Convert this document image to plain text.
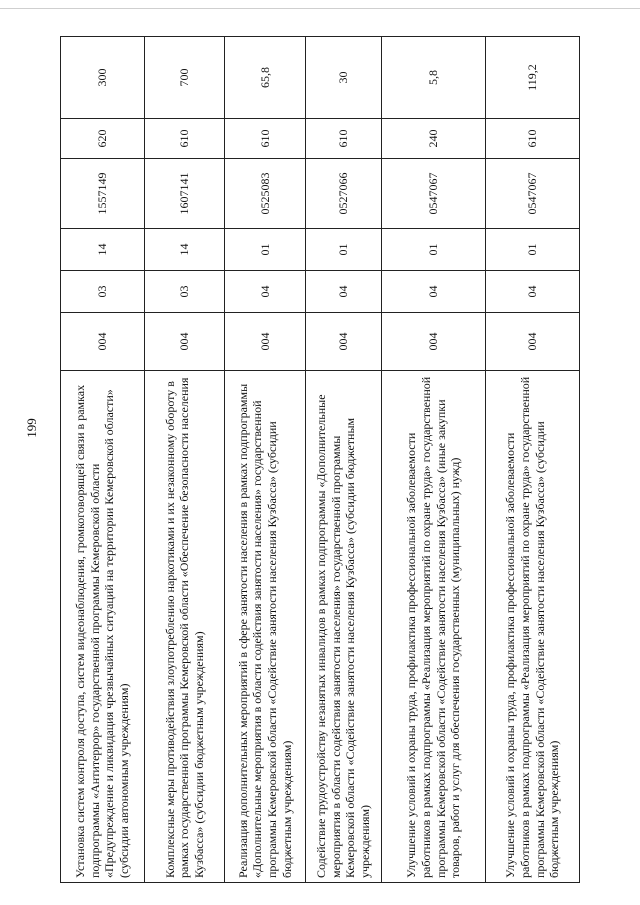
199	Установка систем контроля доступа, систем видеонаблюдения, громкоговорящей связи в рамках подпрограммы «Антитеррор» государственной программы Кемеровской области «Предупреждение и ликвидация чрезвычайных ситуаций на территории Кемеровской области» (субсидии автономным учреждениям)	004	03	14	1557149	620	300
Комплексные меры противодействия злоупотреблению наркотиками и их незаконному обороту в рамках государственной программы Кемеровской области «Обеспечение безопасности населения Кузбасса» (субсидии бюджетным учреждениям)	004	03	14	1607141	610	700
Реализация дополнительных мероприятий в сфере занятости населения в рамках подпрограммы «Дополнительные мероприятия в области содействия занятости населения» государственной программы Кемеровской области «Содействие занятости населения Кузбасса» (субсидии бюджетным учреждениям)	004	04	01	0525083	610	65,8
Содействие трудоустройству незанятых инвалидов в рамках подпрограммы «Дополнительные мероприятия в области содействия занятости населения» государственной программы Кемеровской области «Содействие занятости населения Кузбасса» (субсидии бюджетным учреждениям)	004	04	01	0527066	610	30
Улучшение условий и охраны труда, профилактика профессиональной заболеваемости работников в рамках подпрограммы «Реализация мероприятий по охране труда» государственной программы Кемеровской области «Содействие занятости населения Кузбасса» (иные закупки товаров, работ и услуг для обеспечения государственных (муниципальных) нужд)	004	04	01	0547067	240	5,8
Улучшение условий и охраны труда, профилактика профессиональной заболеваемости работников в рамках подпрограммы «Реализация мероприятий по охране труда» государственной программы Кемеровской области «Содействие занятости населения Кузбасса» (субсидии бюджетным учреждениям)	004	04	01	0547067	610	119,2
